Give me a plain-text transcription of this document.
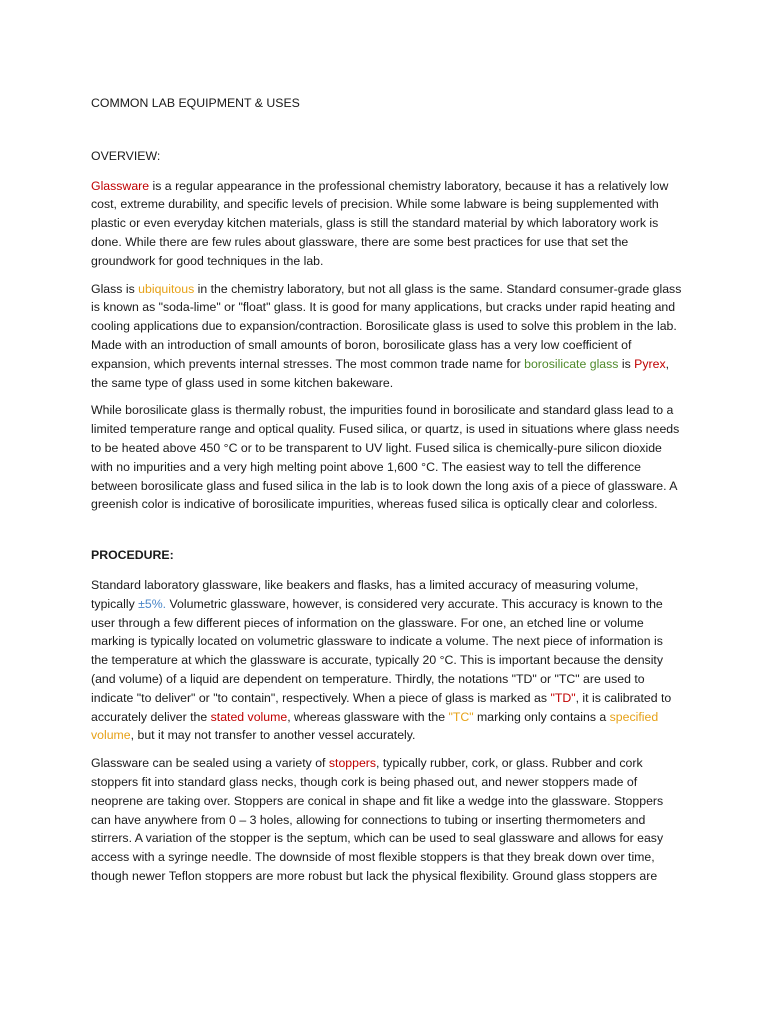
COMMON LAB EQUIPMENT & USES
OVERVIEW:

Glassware is a regular appearance in the professional chemistry laboratory, because it has a relatively low cost, extreme durability, and specific levels of precision. While some labware is being supplemented with plastic or even everyday kitchen materials, glass is still the standard material by which laboratory work is done. While there are few rules about glassware, there are some best practices for use that set the groundwork for good techniques in the lab.

Glass is ubiquitous in the chemistry laboratory, but not all glass is the same. Standard consumer-grade glass is known as "soda-lime" or "float" glass. It is good for many applications, but cracks under rapid heating and cooling applications due to expansion/contraction. Borosilicate glass is used to solve this problem in the lab. Made with an introduction of small amounts of boron, borosilicate glass has a very low coefficient of expansion, which prevents internal stresses. The most common trade name for borosilicate glass is Pyrex, the same type of glass used in some kitchen bakeware.

While borosilicate glass is thermally robust, the impurities found in borosilicate and standard glass lead to a limited temperature range and optical quality. Fused silica, or quartz, is used in situations where glass needs to be heated above 450 °C or to be transparent to UV light. Fused silica is chemically-pure silicon dioxide with no impurities and a very high melting point above 1,600 °C. The easiest way to tell the difference between borosilicate glass and fused silica in the lab is to look down the long axis of a piece of glassware. A greenish color is indicative of borosilicate impurities, whereas fused silica is optically clear and colorless.

PROCEDURE:

Standard laboratory glassware, like beakers and flasks, has a limited accuracy of measuring volume, typically ±5%. Volumetric glassware, however, is considered very accurate. This accuracy is known to the user through a few different pieces of information on the glassware. For one, an etched line or volume marking is typically located on volumetric glassware to indicate a volume. The next piece of information is the temperature at which the glassware is accurate, typically 20 °C. This is important because the density (and volume) of a liquid are dependent on temperature. Thirdly, the notations "TD" or "TC" are used to indicate "to deliver" or "to contain", respectively. When a piece of glass is marked as "TD", it is calibrated to accurately deliver the stated volume, whereas glassware with the "TC" marking only contains a specified volume, but it may not transfer to another vessel accurately.

Glassware can be sealed using a variety of stoppers, typically rubber, cork, or glass. Rubber and cork stoppers fit into standard glass necks, though cork is being phased out, and newer stoppers made of neoprene are taking over. Stoppers are conical in shape and fit like a wedge into the glassware. Stoppers can have anywhere from 0 – 3 holes, allowing for connections to tubing or inserting thermometers and stirrers. A variation of the stopper is the septum, which can be used to seal glassware and allows for easy access with a syringe needle. The downside of most flexible stoppers is that they break down over time, though newer Teflon stoppers are more robust but lack the physical flexibility. Ground glass stoppers are
